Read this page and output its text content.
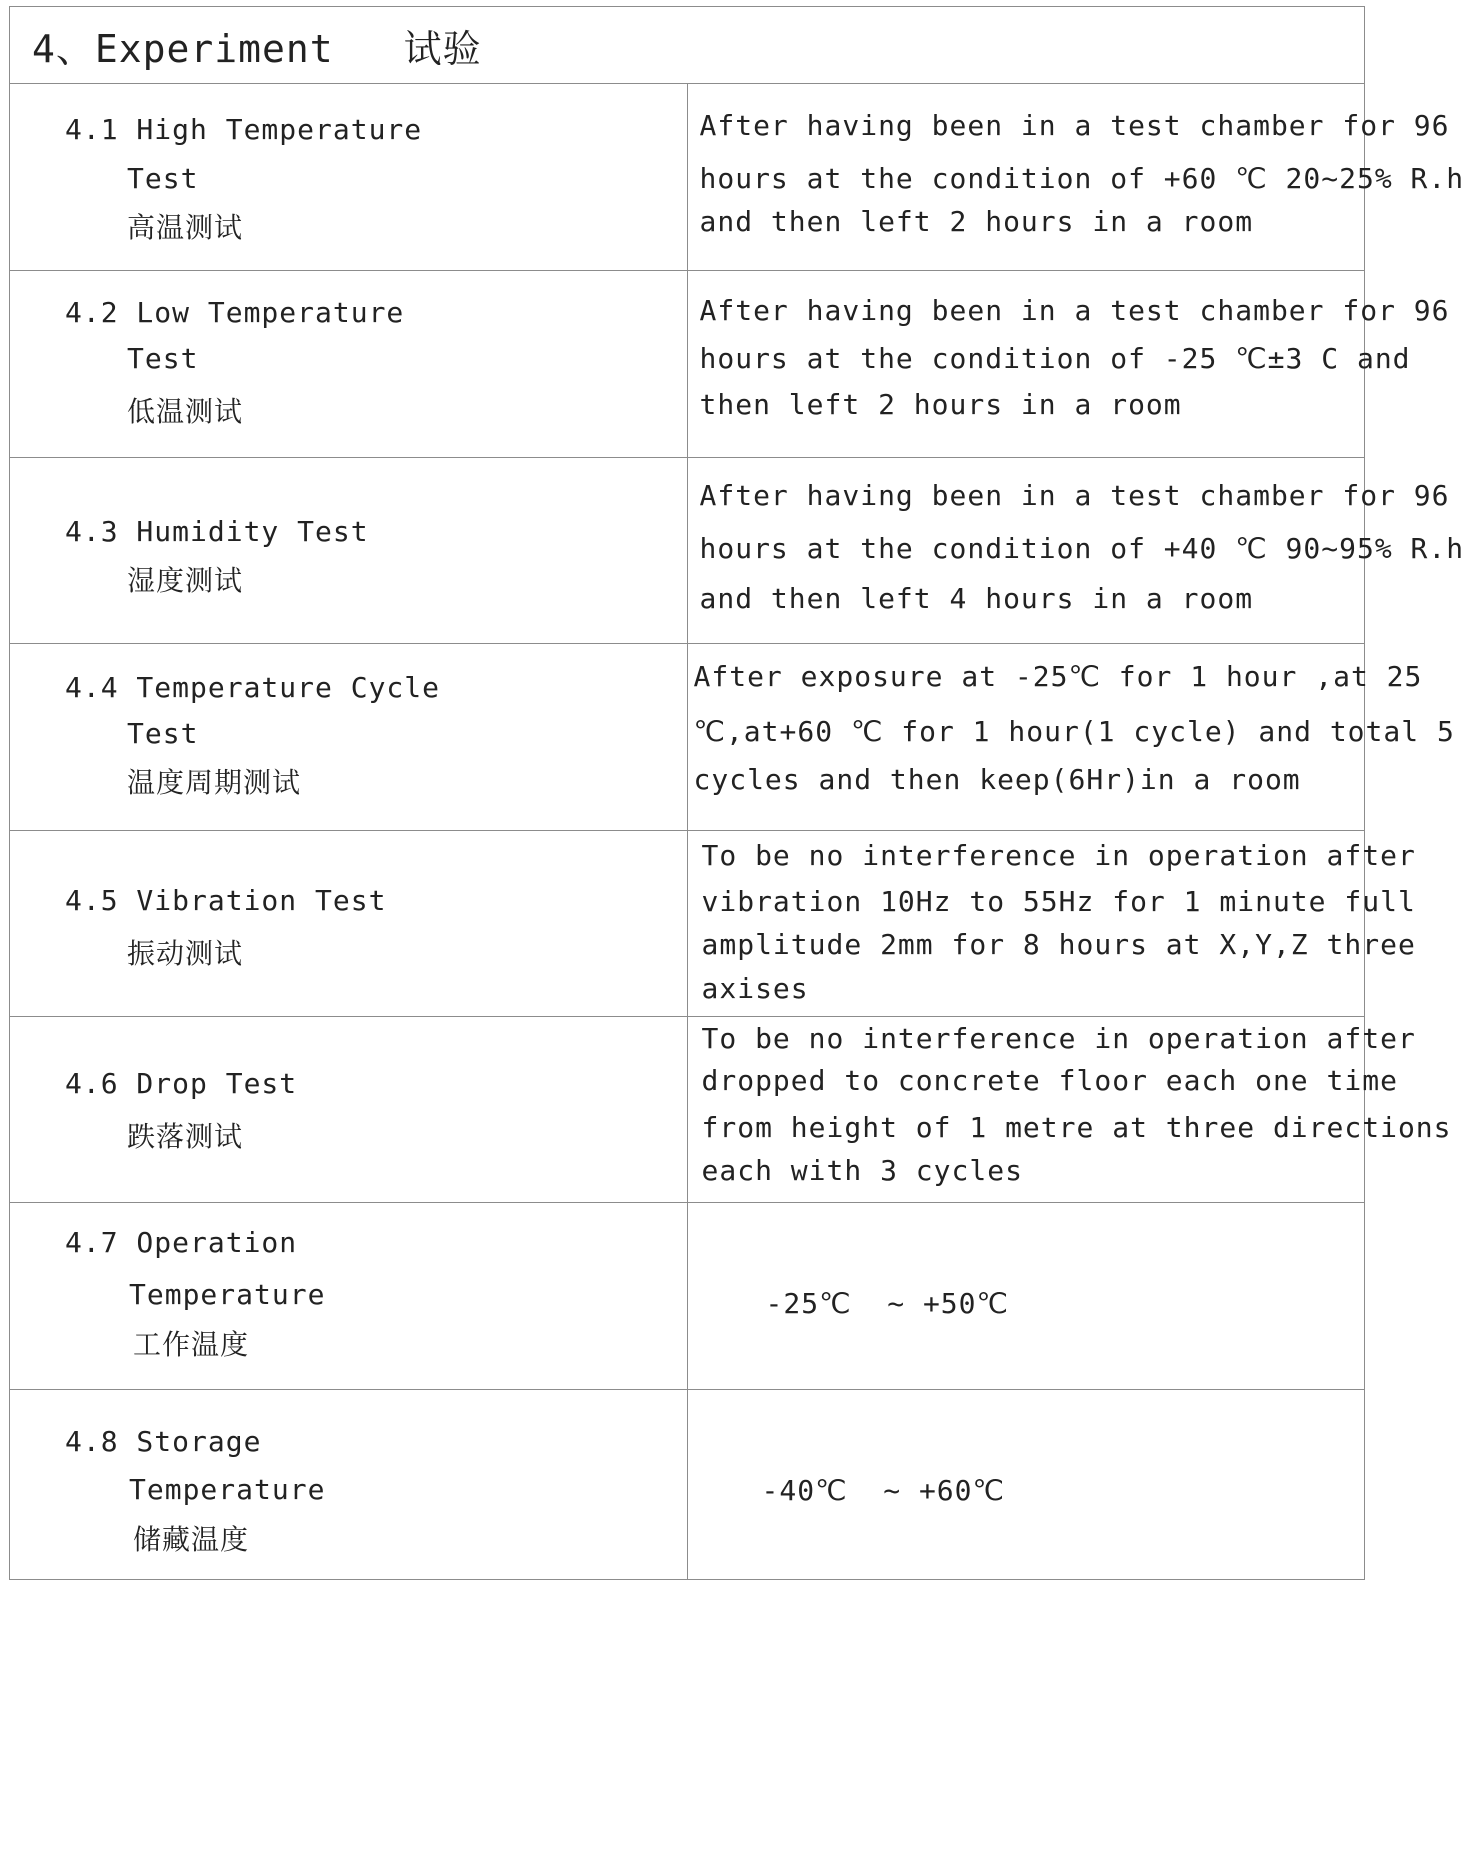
4、Experiment 试验	

4.1 High Temperature
Test
高温测试	After having been in a test chamber for 96
hours at the condition of +60 ℃ 20~25% R.h
and then left 2 hours in a room

4.2 Low Temperature
Test
低温测试	After having been in a test chamber for 96
hours at the condition of -25 ℃±3 C and
then left 2 hours in a room

4.3 Humidity Test
湿度测试	After having been in a test chamber for 96
hours at the condition of +40 ℃ 90~95% R.h
and then left 4 hours in a room

4.4 Temperature Cycle
Test
温度周期测试	After exposure at -25℃ for 1 hour ,at 25
℃,at+60 ℃ for 1 hour(1 cycle) and total 5
cycles and then keep(6Hr)in a room

4.5 Vibration Test
振动测试	To be no interference in operation after
vibration 10Hz to 55Hz for 1 minute full
amplitude 2mm for 8 hours at X,Y,Z three
axises

4.6 Drop Test
跌落测试	To be no interference in operation after
dropped to concrete floor each one time
from height of 1 metre at three directions
each with 3 cycles

4.7 Operation
Temperature
工作温度	-25℃  ~ +50℃

4.8 Storage
Temperature
储藏温度	-40℃  ~ +60℃
